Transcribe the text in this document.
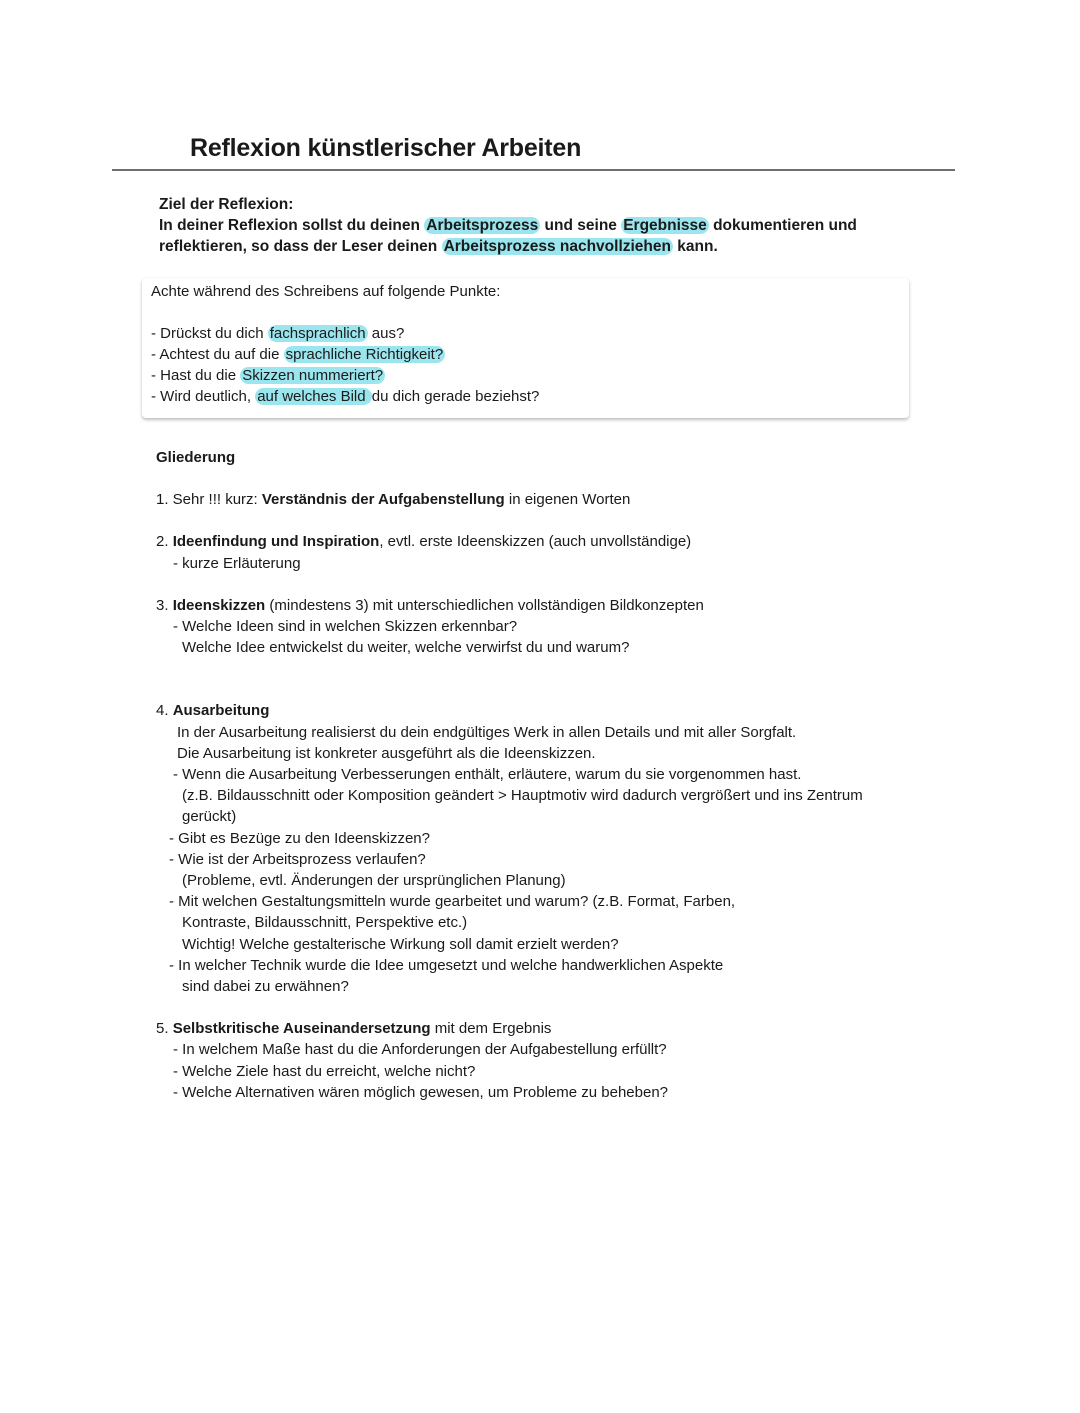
Reflexion künstlerischer Arbeiten
Ziel der Reflexion:
In deiner Reflexion sollst du deinen Arbeitsprozess und seine Ergebnisse dokumentieren und
reflektieren, so dass der Leser deinen Arbeitsprozess nachvollziehen kann.
Achte während des Schreibens auf folgende Punkte:
- Drückst du dich fachsprachlich aus?
- Achtest du auf die sprachliche Richtigkeit?
- Hast du die Skizzen nummeriert?
- Wird deutlich, auf welches Bild du dich gerade beziehst?
Gliederung
1. Sehr !!! kurz: Verständnis der Aufgabenstellung in eigenen Worten
2. Ideenfindung und Inspiration, evtl. erste Ideenskizzen (auch unvollständige)
- kurze Erläuterung
3. Ideenskizzen (mindestens 3) mit unterschiedlichen vollständigen Bildkonzepten
- Welche Ideen sind in welchen Skizzen erkennbar?
Welche Idee entwickelst du weiter, welche verwirfst du und warum?
4. Ausarbeitung
In der Ausarbeitung realisierst du dein endgültiges Werk in allen Details und mit aller Sorgfalt.
Die Ausarbeitung ist konkreter ausgeführt als die Ideenskizzen.
- Wenn die Ausarbeitung Verbesserungen enthält, erläutere, warum du sie vorgenommen hast.
(z.B. Bildausschnitt oder Komposition geändert > Hauptmotiv wird dadurch vergrößert und ins Zentrum
gerückt)
- Gibt es Bezüge zu den Ideenskizzen?
- Wie ist der Arbeitsprozess verlaufen?
(Probleme, evtl. Änderungen der ursprünglichen Planung)
- Mit welchen Gestaltungsmitteln wurde gearbeitet und warum? (z.B. Format, Farben,
Kontraste, Bildausschnitt, Perspektive etc.)
Wichtig! Welche gestalterische Wirkung soll damit erzielt werden?
- In welcher Technik wurde die Idee umgesetzt und welche handwerklichen Aspekte
sind dabei zu erwähnen?
5. Selbstkritische Auseinandersetzung mit dem Ergebnis
- In welchem Maße hast du die Anforderungen der Aufgabestellung erfüllt?
- Welche Ziele hast du erreicht, welche nicht?
- Welche Alternativen wären möglich gewesen, um Probleme zu beheben?
